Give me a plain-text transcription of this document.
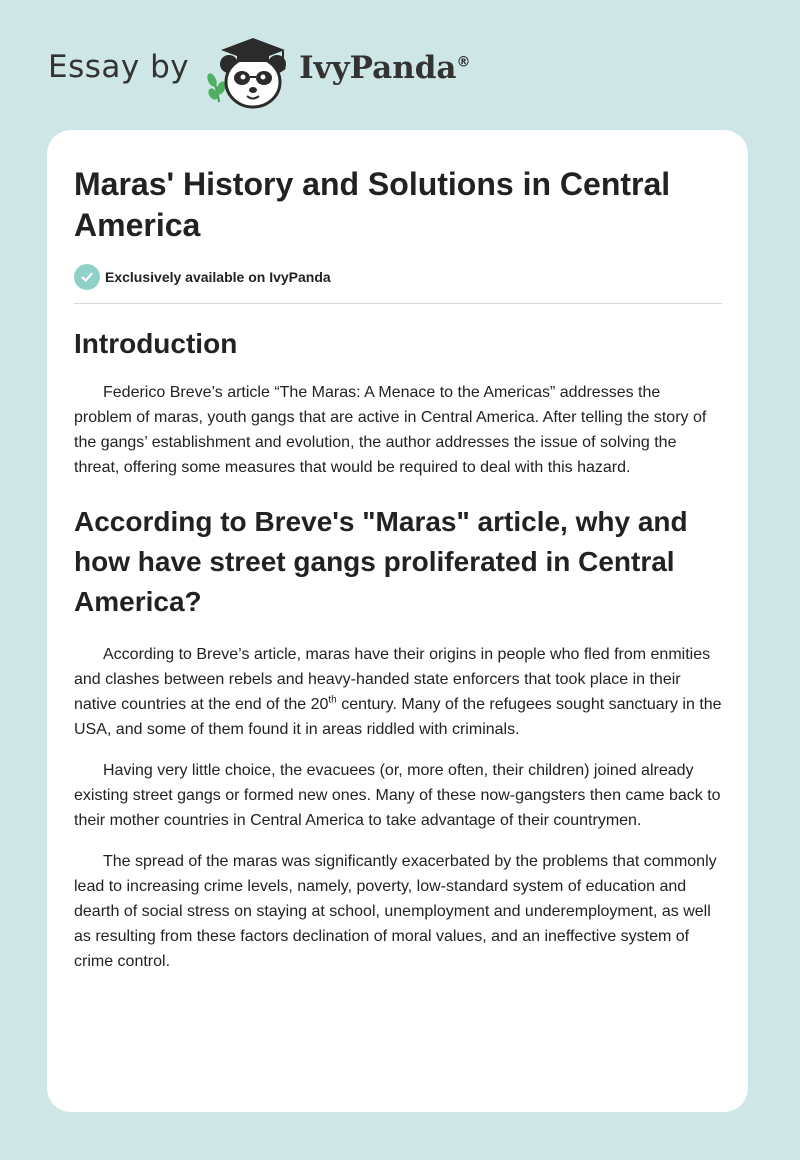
Essay by	IvyPanda®
Maras' History and Solutions in Central America
Exclusively available on IvyPanda
Introduction

Federico Breve’s article “The Maras: A Menace to the Americas” addresses the problem of maras, youth gangs that are active in Central America. After telling the story of the gangs’ establishment and evolution, the author addresses the issue of solving the threat, offering some measures that would be required to deal with this hazard.

According to Breve's "Maras" article, why and how have street gangs proliferated in Central America?

According to Breve’s article, maras have their origins in people who fled from enmities and clashes between rebels and heavy-handed state enforcers that took place in their native countries at the end of the 20th century. Many of the refugees sought sanctuary in the USA, and some of them found it in areas riddled with criminals.

Having very little choice, the evacuees (or, more often, their children) joined already existing street gangs or formed new ones. Many of these now-gangsters then came back to their mother countries in Central America to take advantage of their countrymen.

The spread of the maras was significantly exacerbated by the problems that commonly lead to increasing crime levels, namely, poverty, low-standard system of education and dearth of social stress on staying at school, unemployment and underemployment, as well as resulting from these factors declination of moral values, and an ineffective system of crime control.
